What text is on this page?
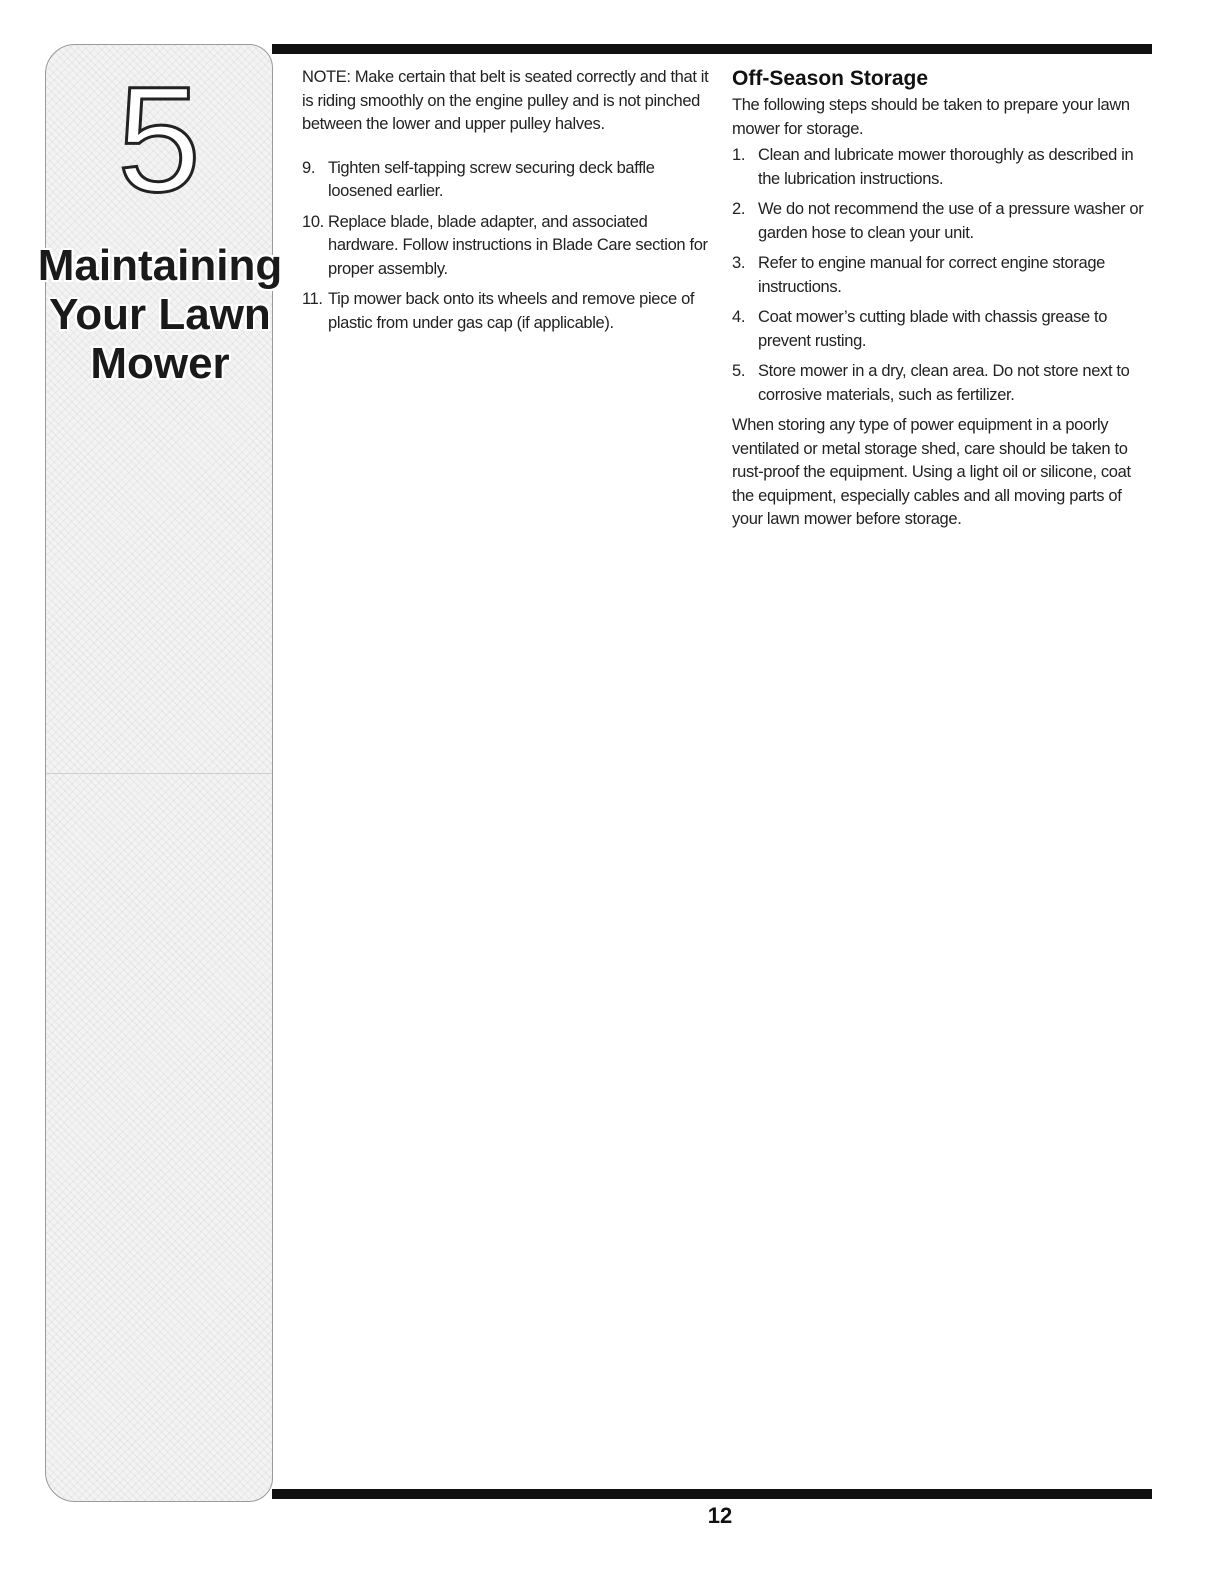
5
Maintaining
Your Lawn
Mower

NOTE: Make certain that belt is seated correctly and that it is riding smoothly on the engine pulley and is not pinched between the lower and upper pulley halves.

9. Tighten self-tapping screw securing deck baffle loosened earlier.
10. Replace blade, blade adapter, and associated hardware. Follow instructions in Blade Care section for proper assembly.
11. Tip mower back onto its wheels and remove piece of plastic from under gas cap (if applicable).
Off-Season Storage

The following steps should be taken to prepare your lawn mower for storage.

1. Clean and lubricate mower thoroughly as described in the lubrication instructions.
2. We do not recommend the use of a pressure washer or garden hose to clean your unit.
3. Refer to engine manual for correct engine storage instructions.
4. Coat mower’s cutting blade with chassis grease to prevent rusting.
5. Store mower in a dry, clean area. Do not store next to corrosive materials, such as fertilizer.

When storing any type of power equipment in a poorly ventilated or metal storage shed, care should be taken to rust-proof the equipment. Using a light oil or silicone, coat the equipment, especially cables and all moving parts of your lawn mower before storage.

12
